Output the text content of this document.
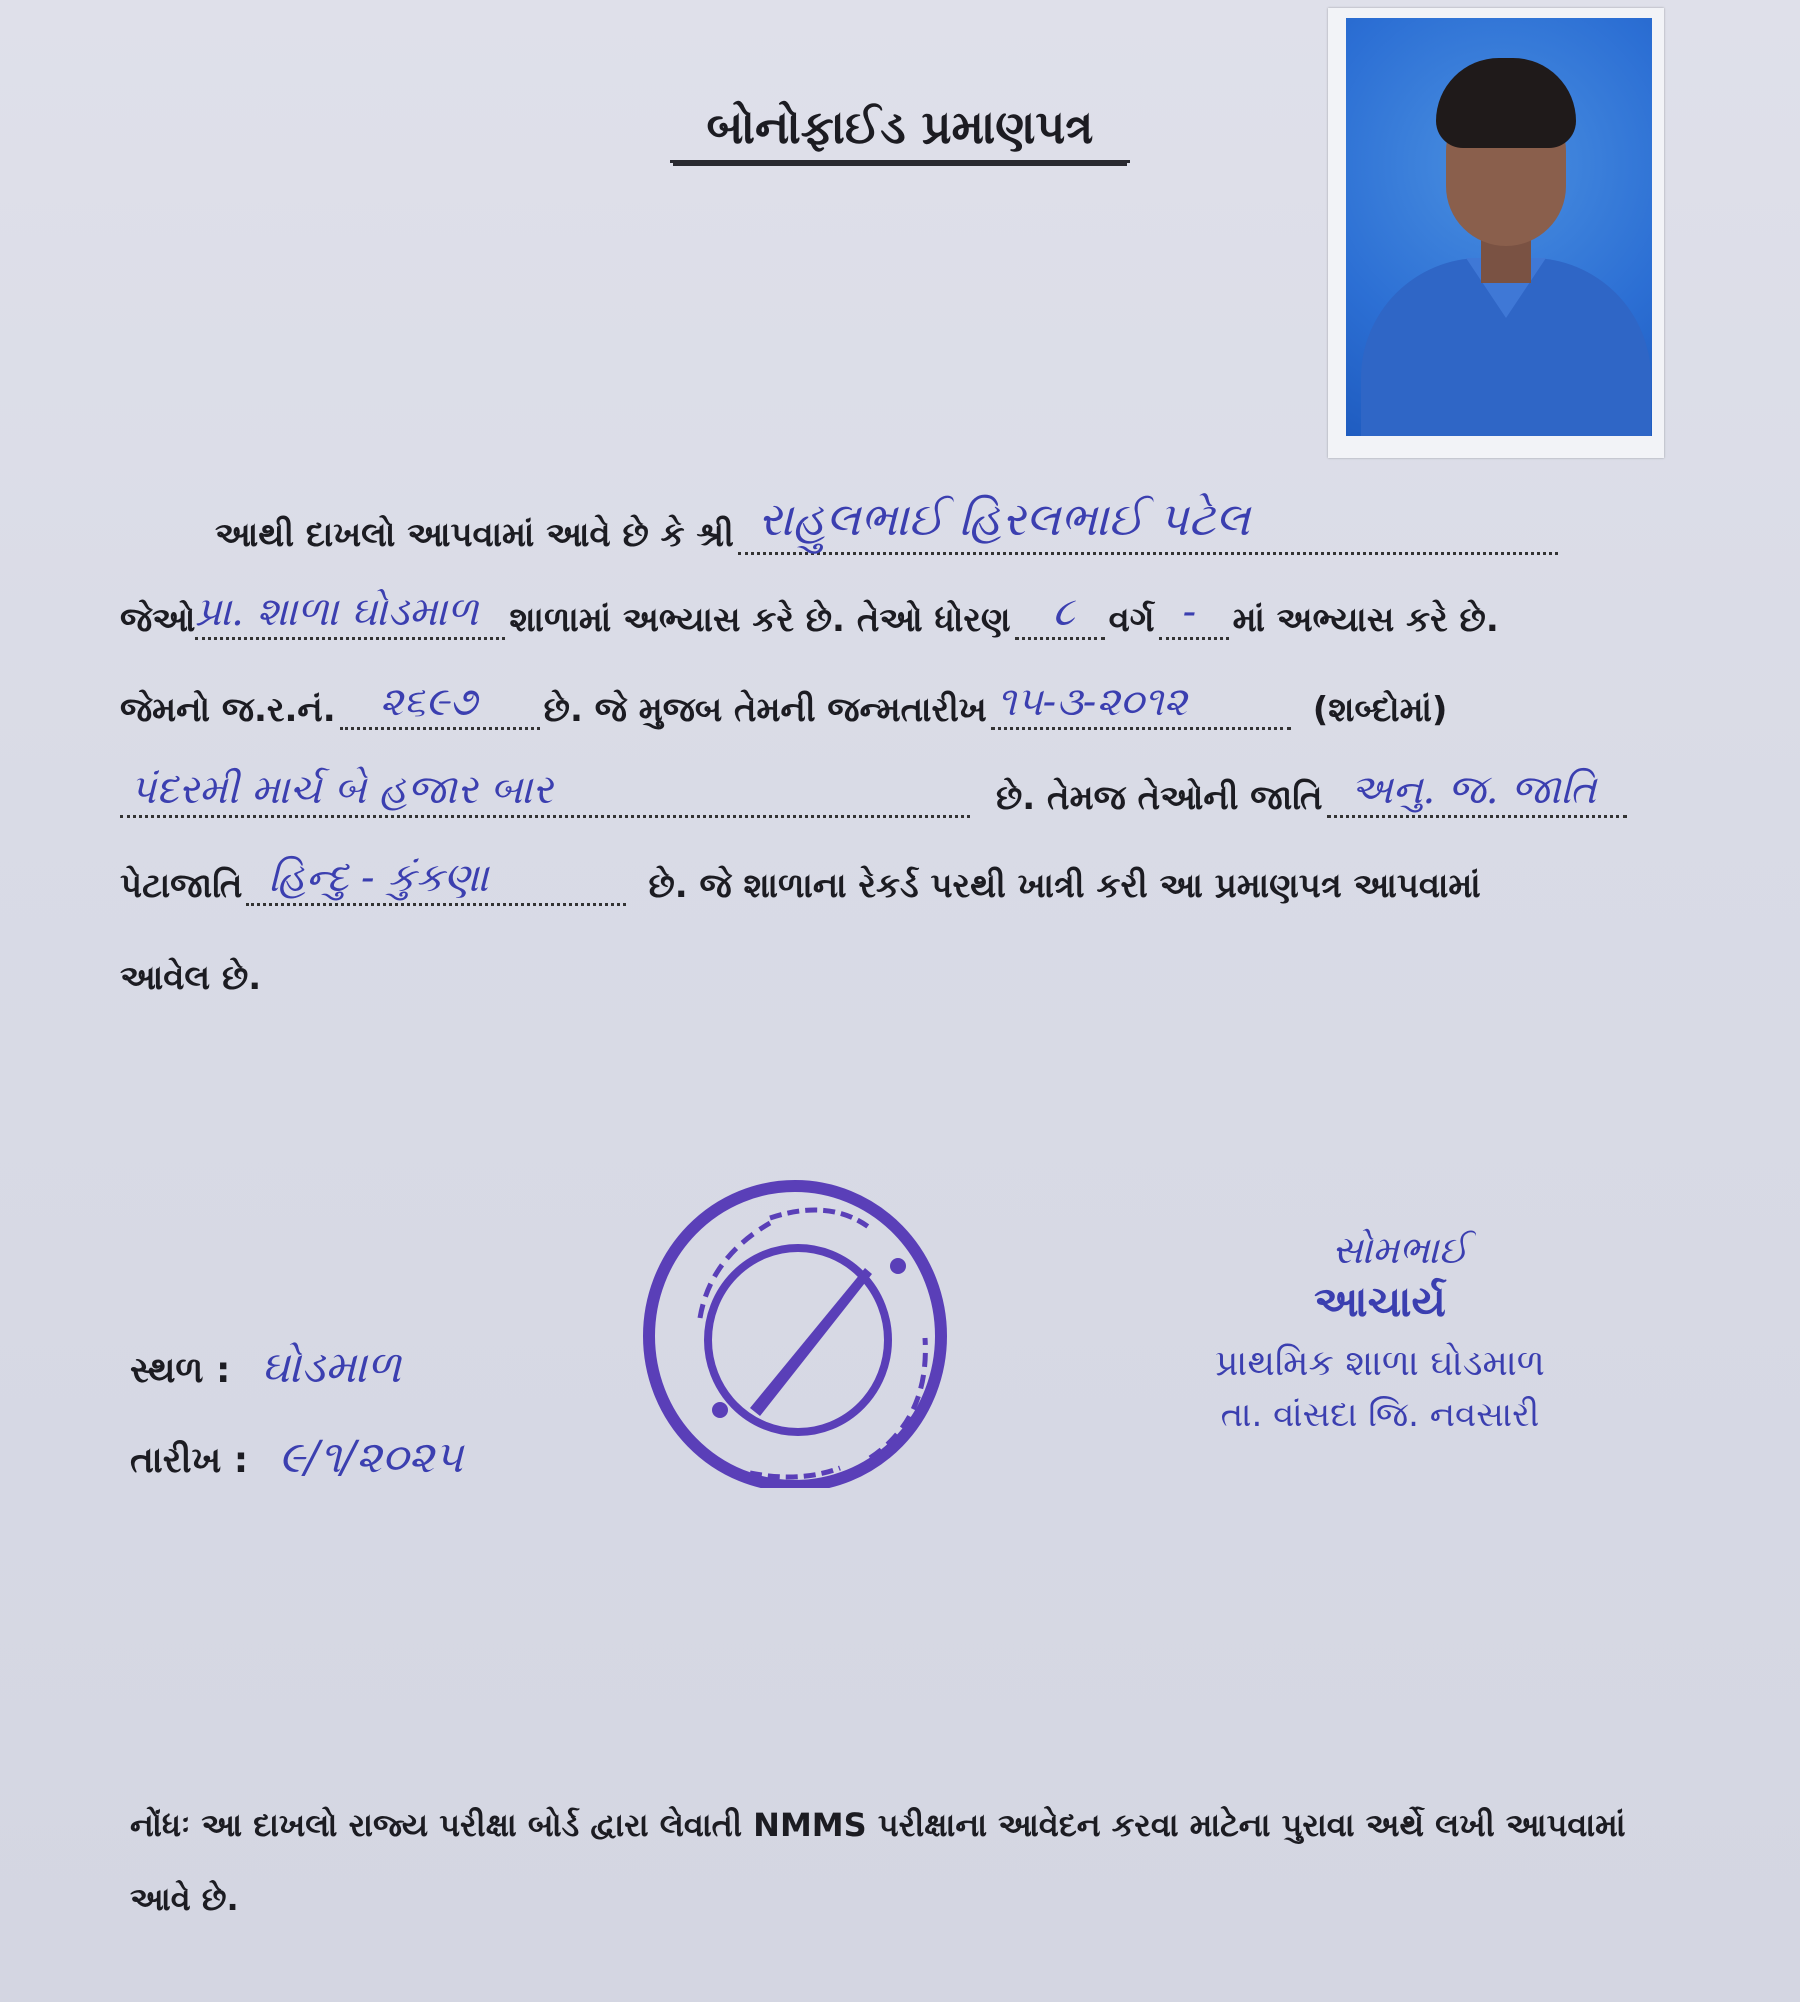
બોનોફાઈડ પ્રમાણપત્ર
આથી દાખલો આપવામાં આવે છે કે શ્રી રાહુલભાઈ હિરલભાઈ પટેલ
જેઓ પ્રા. શાળા ઘોડમાળ શાળામાં અભ્યાસ કરે છે. તેઓ ધોરણ ૮ વર્ગ - માં અભ્યાસ કરે છે.
જેમનો જ.ર.નં. ૨૬૯૭ છે. જે મુજબ તેમની જન્મતારીખ ૧૫-૩-૨૦૧૨	(શબ્દોમાં)
પંદરમી માર્ચ બે હજાર બાર	છે. તેમજ તેઓની જાતિ અનુ. જ. જાતિ
પેટાજાતિ હિન્દુ - કુંકણા	છે. જે શાળાના રેકર્ડ પરથી ખાત્રી કરી આ પ્રમાણપત્ર આપવામાં
આવેલ છે.
સ્થળ : ઘોડમાળ
તારીખ : ૯/૧/૨૦૨૫
સોમભાઈ
આચાર્ય
પ્રાથમિક શાળા ઘોડમાળ
તા. વાંસદા જિ. નવસારી
નોંધઃ આ દાખલો રાજ્ય પરીક્ષા બોર્ડ દ્વારા લેવાતી NMMS પરીક્ષાના આવેદન કરવા માટેના પુરાવા અર્થે લખી આપવામાં આવે છે.
